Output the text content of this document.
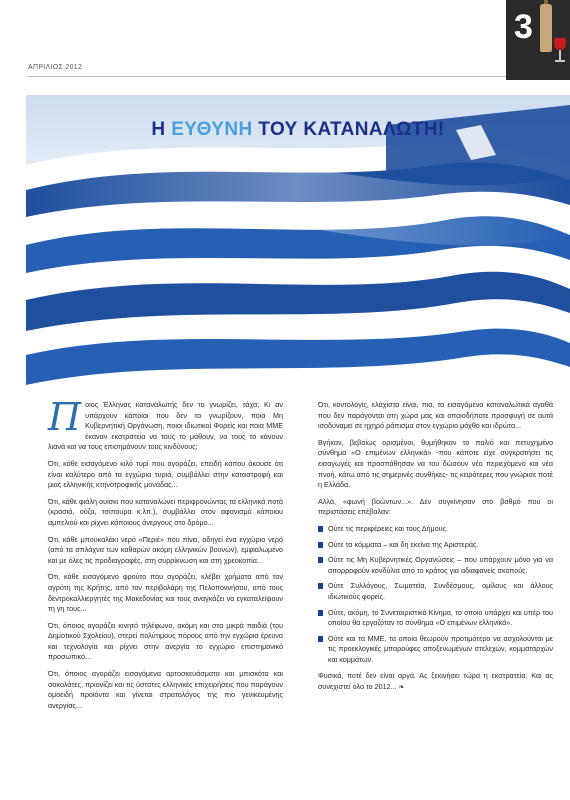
ΑΠΡΙΛΙΟΣ 2012
3
Η ΕΥΘΥΝΗ ΤΟΥ ΚΑΤΑΝΑΛΩΤΗ!

Ποιος Έλληνας καταναλωτής δεν το γνωρίζει, τάχα; Κι αν υπάρχουν κάποιοι που δεν το γνωρίζουν, ποια Μη Κυβερνητική Οργάνωση, ποιοι ιδιωτικοί Φορείς και ποια ΜΜΕ έκαναν εκστρατεία να τους το μάθουν, να τους το κάνουν λιανά και να τους επισημάνουν τους κινδύνους;

Ότι, κάθε εισαγόμενο κιλό τυρί που αγοράζει, επειδή κάπου άκουσε ότι είναι καλύτερο από τα εγχώρια τυριά, συμβάλλει στην καταστροφή και μιας ελληνικής κτηνοτροφικής μονάδας...

Ότι, κάθε φιάλη ουίσκι που καταναλώνει περιφρονώντας τα ελληνικά ποτά (κρασιά, ούζα, τσίπουρα κ.λπ.), συμβάλλει στον αφανισμό κάποιου αμπελιού και ρίχνει κάποιους άνεργους στο δρόμο...

Ότι, κάθε μπουκαλάκι νερό «Περιέ» που πίνει, οδηγεί ένα εγχώριο νερό (από τα σπλάχνα των καθαρών ακόμη ελληνικών βουνών), εμφιαλωμένο και με όλες τις προδιαγραφές, στη συρρίκνωση και στη χρεοκοπία...

Ότι, κάθε εισαγόμενο φρούτο που αγοράζει, κλέβει χρήματα από τον αγρότη της Κρήτης, από τον περιβολάρη της Πελοποννήσου, από τους δεντροκαλλιεργητές της Μακεδονίας και τους αναγκάζει να εγκαταλείψουν τη γη τους...

Ότι, όποιος αγοράζει κινητό τηλέφωνο, ακόμη και στα μικρά παιδιά (του Δημοτικού Σχολείου), στερεί πολύτιμους πόρους από την εγχώρια έρευνα και τεχνολογία και ρίχνει στην ανεργία το εγχώριο επιστημονικό προσωπικό...

Ότι, όποιος αγοράζει εισαγόμενα αρτοσκευάσματα και μπισκότα και σοκολάτες, πριονίζει και τις ύστατες ελληνικές επιχειρήσεις που παράγουν ομοειδή προϊόντα και γίνεται στρατολόγος της πιο γενικευμένης ανεργίας...

Ότι, κοντολογίς, ελάχιστα είναι, πια, τα εισαγόμενα καταναλωτικά αγαθά που δεν παράγονται στη χώρα μας και οποιοδήποτε προσφυγή σε αυτά ισοδυναμεί σε ηχηρό ράπισμα στον εγχώριο μόχθο και ιδρώτα...

Βγήκαν, βεβαίως ορισμένοι, θυμήθηκαν το παλιό και πετυχημένο σύνθημα «Ο επιμένων ελληνικά» -που κάποτε είχε συγκρατήσει τις εισαγωγές και προσπάθησαν να του δώσουν νέο περιεχόμενο και νέα πνοή, κάτω από τις σημερινές συνθήκες- τις κειρότερες που γνώρισε ποτέ η Ελλάδα.

Αλλά, «φωνή βοώντων...». Δεν συγκίνησαν στο βαθμό που οι περιστάσεις επέβαλαν:

Ούτε τις περιφέρειες και τους Δήμους.
Ούτε τα κόμματα – και δη εκείνα της Αριστεράς.
Ούτε τις Μη Κυβερνητικές Οργανώσεις – που υπάρχουν μόνο για να απορροφούν κονδύλια από το κράτος για αδιαφανείς σκοπούς.
Ούτε Συλλόγους, Σωματεία, Συνδέσμους, ομίλους και άλλους ιδιωτικούς φορείς.
Ούτε, ακόμη, το Συνεταιριστικό Κίνημα, το οποίο υπάρχει και υπέρ του οποίου θα εργαζόταν το σύνθημα «Ο επιμένων ελληνικά».
Ούτε και τα ΜΜΕ, τα οποία θεωρούν προτιμότερο να ασχολούνται με τις προεκλογικές μπαρούφες αποξενωμένων στελεχών, κομματαρχών και κομμάτων.

Φυσικά, ποτέ δεν είναι αργά. Ας ξεκινήσει τώρα η εκστρατεία. Και ας συνεχιστεί όλο το 2012... ❧
